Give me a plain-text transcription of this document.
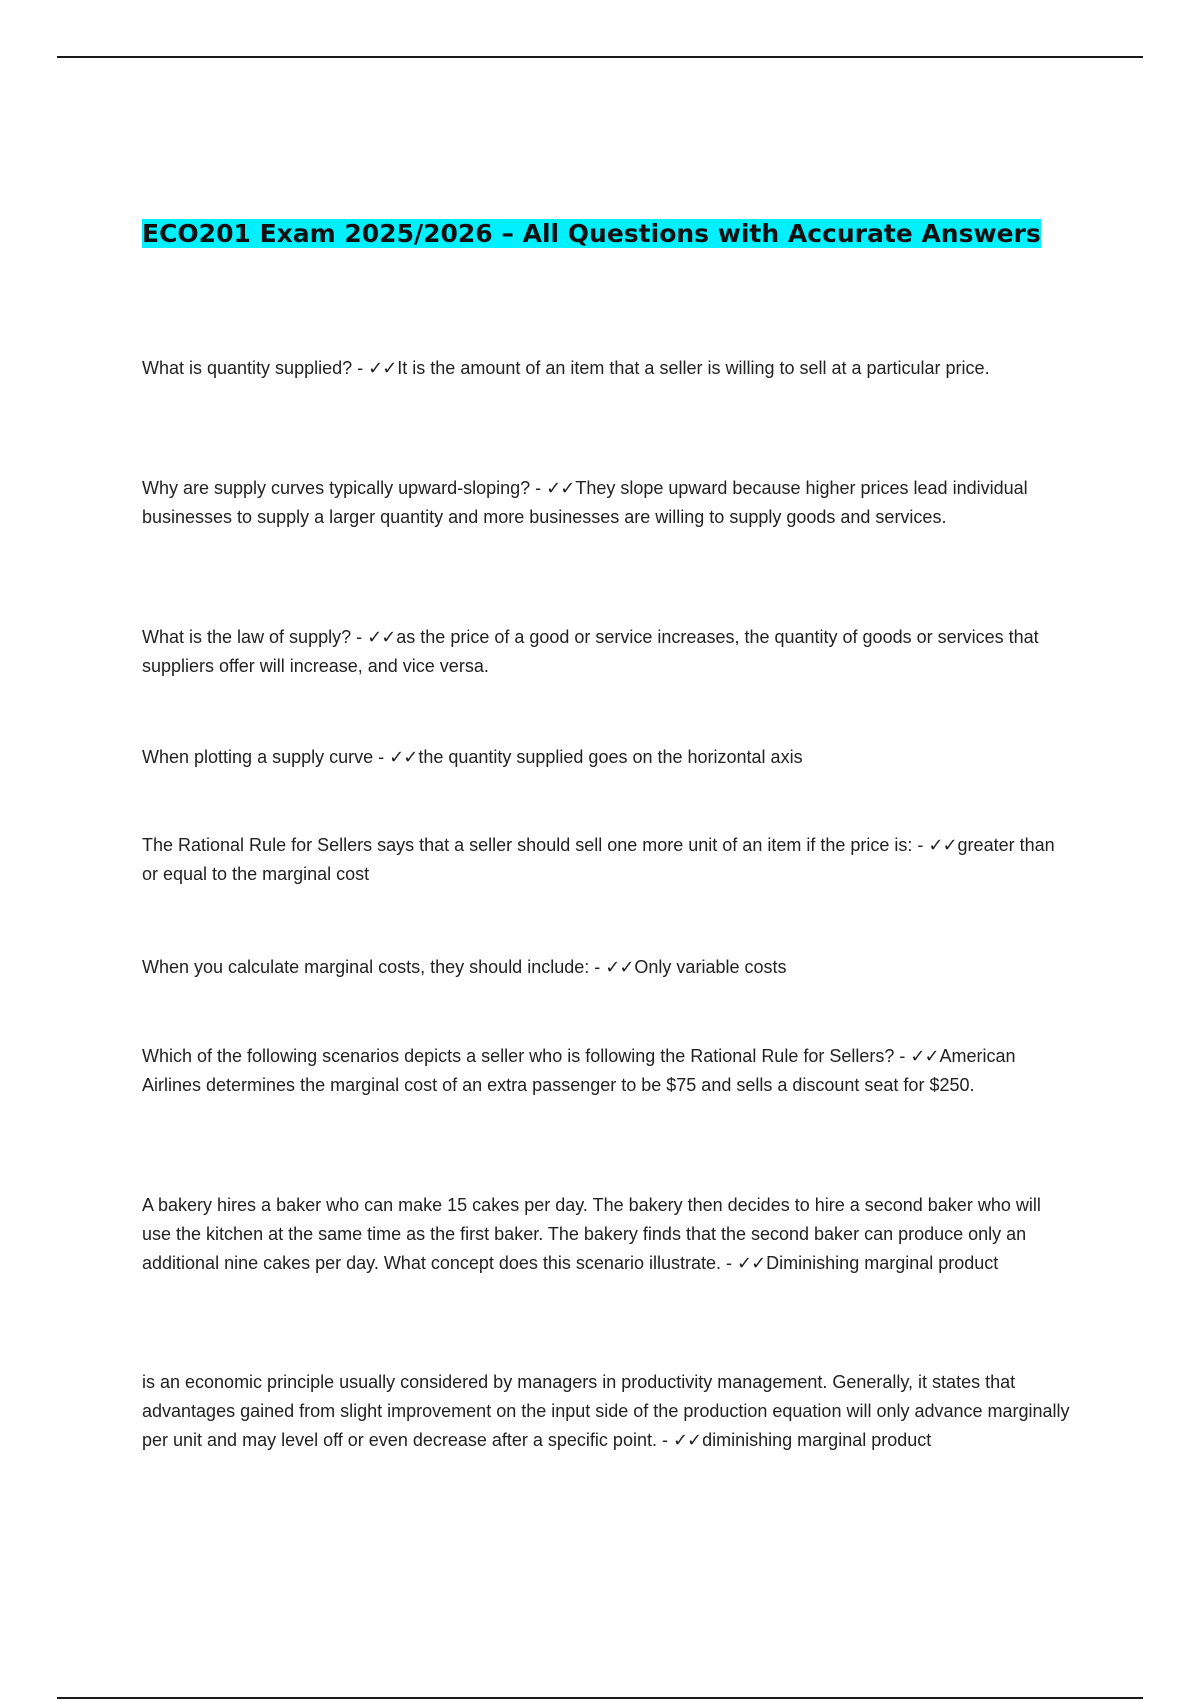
ECO201 Exam 2025/2026 – All Questions with Accurate Answers

What is quantity supplied? - ✓✓It is the amount of an item that a seller is willing to sell at a particular price.

Why are supply curves typically upward-sloping? - ✓✓They slope upward because higher prices lead individual businesses to supply a larger quantity and more businesses are willing to supply goods and services.

What is the law of supply? - ✓✓as the price of a good or service increases, the quantity of goods or services that suppliers offer will increase, and vice versa.

When plotting a supply curve - ✓✓the quantity supplied goes on the horizontal axis

The Rational Rule for Sellers says that a seller should sell one more unit of an item if the price is: - ✓✓greater than or equal to the marginal cost

When you calculate marginal costs, they should include: - ✓✓Only variable costs

Which of the following scenarios depicts a seller who is following the Rational Rule for Sellers? - ✓✓American Airlines determines the marginal cost of an extra passenger to be $75 and sells a discount seat for $250.

A bakery hires a baker who can make 15 cakes per day. The bakery then decides to hire a second baker who will use the kitchen at the same time as the first baker. The bakery finds that the second baker can produce only an additional nine cakes per day. What concept does this scenario illustrate. - ✓✓Diminishing marginal product

is an economic principle usually considered by managers in productivity management. Generally, it states that advantages gained from slight improvement on the input side of the production equation will only advance marginally per unit and may level off or even decrease after a specific point. - ✓✓diminishing marginal product
